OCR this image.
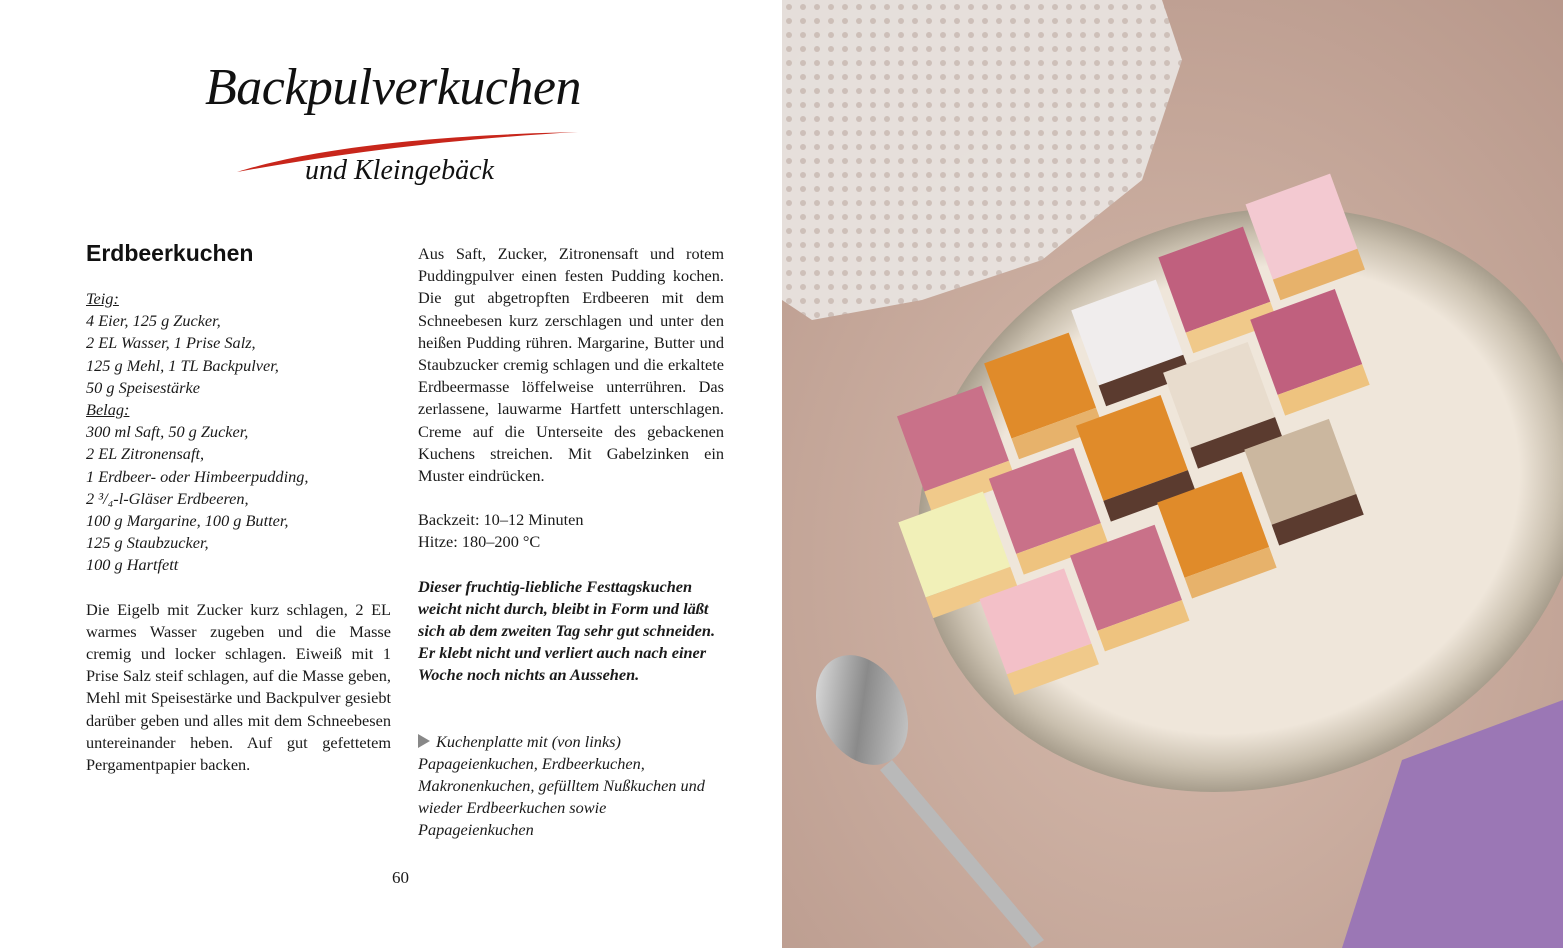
Backpulverkuchen
und Kleingebäck
Erdbeerkuchen
Teig:
4 Eier, 125 g Zucker,
2 EL Wasser, 1 Prise Salz,
125 g Mehl, 1 TL Backpulver,
50 g Speisestärke
Belag:
300 ml Saft, 50 g Zucker,
2 EL Zitronensaft,
1 Erdbeer- oder Himbeerpudding,
2 ³/₄-l-Gläser Erdbeeren,
100 g Margarine, 100 g Butter,
125 g Staubzucker,
100 g Hartfett

Die Eigelb mit Zucker kurz schlagen, 2 EL warmes Wasser zugeben und die Masse cremig und locker schlagen. Eiweiß mit 1 Prise Salz steif schlagen, auf die Masse geben, Mehl mit Speisestärke und Backpulver gesiebt darüber geben und alles mit dem Schneebesen untereinander heben. Auf gut gefettetem Pergamentpapier backen.

Aus Saft, Zucker, Zitronensaft und rotem Puddingpulver einen festen Pudding kochen. Die gut abgetropften Erdbeeren mit dem Schneebesen kurz zerschlagen und unter den heißen Pudding rühren. Margarine, Butter und Staubzucker cremig schlagen und die erkaltete Erdbeermasse löffelweise unterrühren. Das zerlassene, lauwarme Hartfett unterschlagen. Creme auf die Unterseite des gebackenen Kuchens streichen. Mit Gabelzinken ein Muster eindrücken.

Backzeit: 10–12 Minuten

Hitze: 180–200 °C

Dieser fruchtig-liebliche Festtagskuchen weicht nicht durch, bleibt in Form und läßt sich ab dem zweiten Tag sehr gut schneiden. Er klebt nicht und verliert auch nach einer Woche noch nichts an Aussehen.

Kuchenplatte mit (von links) Papageienkuchen, Erdbeerkuchen, Makronenkuchen, gefülltem Nußkuchen und wieder Erdbeerkuchen sowie Papageienkuchen

60
